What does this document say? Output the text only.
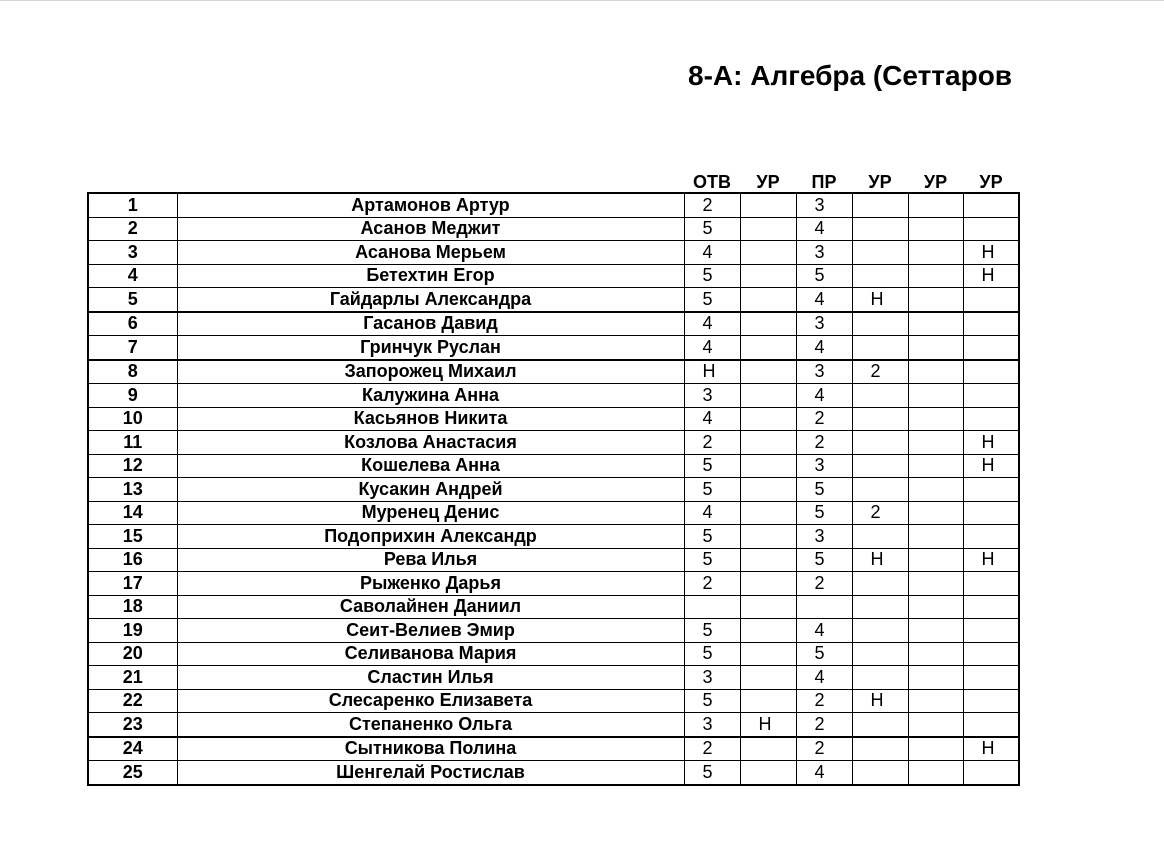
8-А: Алгебра (Сеттаров
		ОТВ	УР	ПР	УР	УР	УР
1	Артамонов Артур	2		3			
2	Асанов Меджит	5		4			
3	Асанова Мерьем	4		3			Н
4	Бетехтин Егор	5		5			Н
5	Гайдарлы Александра	5		4	Н		
6	Гасанов Давид	4		3			
7	Гринчук Руслан	4		4			
8	Запорожец Михаил	Н		3	2		
9	Калужина Анна	3		4			
10	Касьянов Никита	4		2			
11	Козлова Анастасия	2		2			Н
12	Кошелева Анна	5		3			Н
13	Кусакин Андрей	5		5			
14	Муренец Денис	4		5	2		
15	Подоприхин Александр	5		3			
16	Рева Илья	5		5	Н		Н
17	Рыженко Дарья	2		2			
18	Саволайнен Даниил						
19	Сеит-Велиев Эмир	5		4			
20	Селиванова Мария	5		5			
21	Сластин Илья	3		4			
22	Слесаренко Елизавета	5		2	Н		
23	Степаненко Ольга	3	Н	2			
24	Сытникова Полина	2		2			Н
25	Шенгелай Ростислав	5		4			
